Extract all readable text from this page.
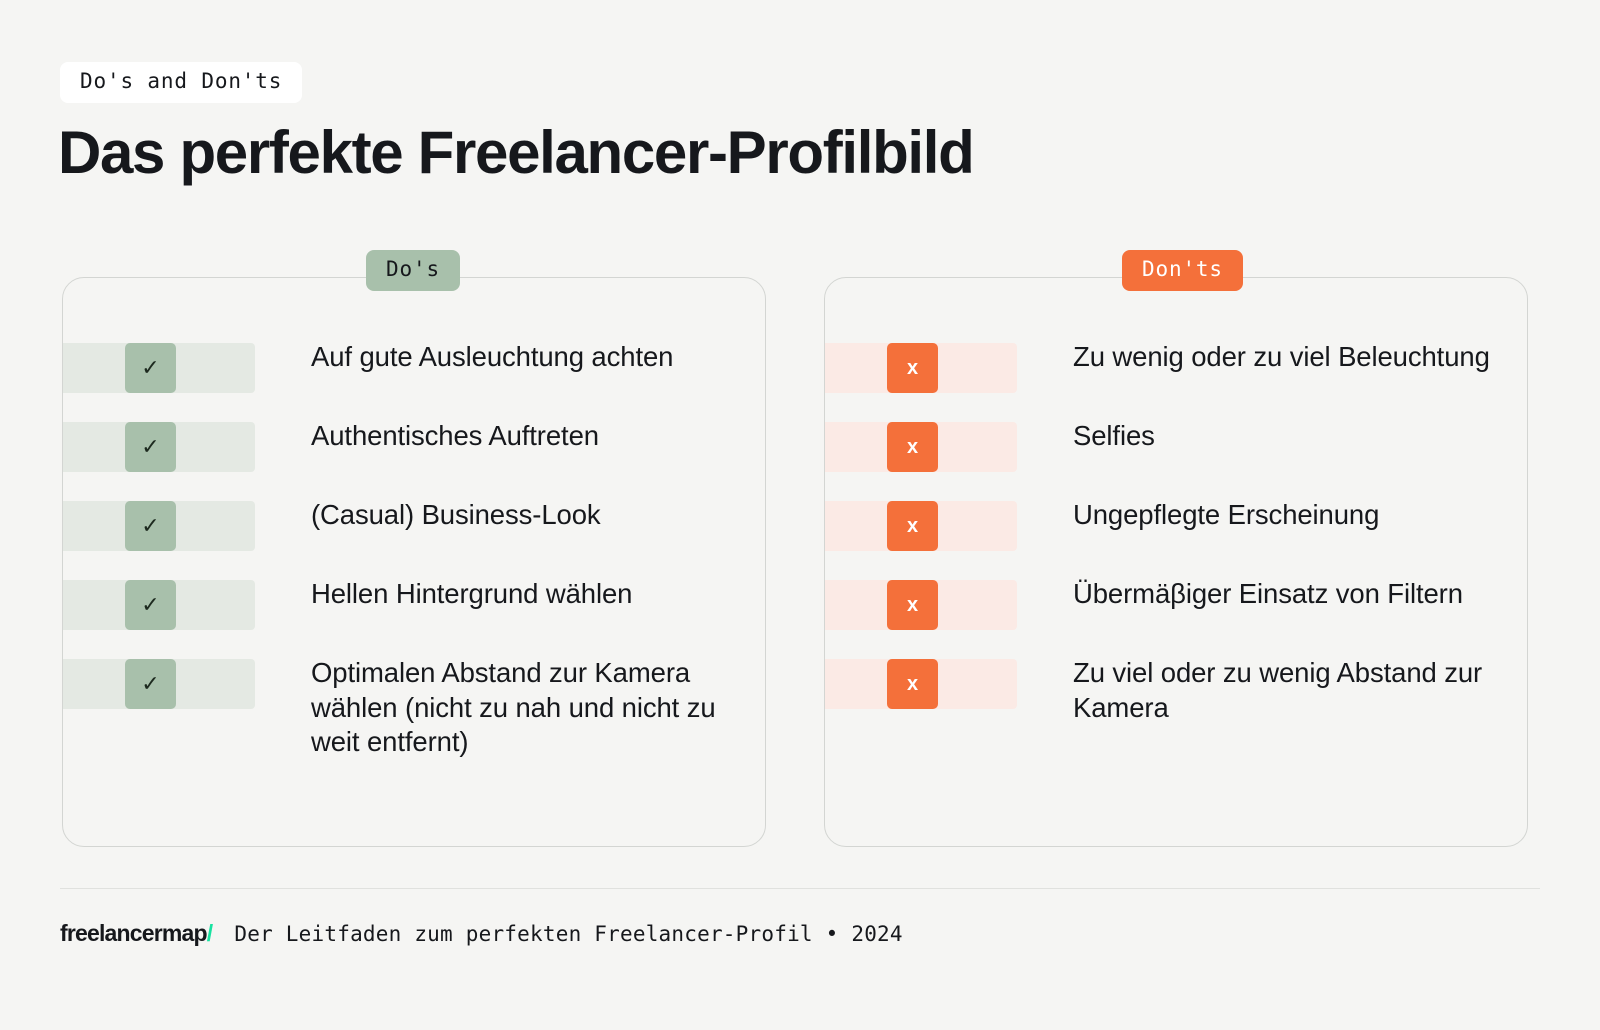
Do's and Don'ts
Das perfekte Freelancer-Profilbild
✓	Auf gute Ausleuchtung achten
✓	Authentisches Auftreten
✓	(Casual) Business-Look
✓	Hellen Hintergrund wählen
✓	Optimalen Abstand zur Kamera wählen (nicht zu nah und nicht zu weit entfernt)
x	Zu wenig oder zu viel Beleuchtung
x	Selfies
x	Ungepflegte Erscheinung
x	Übermäβiger Einsatz von Filtern
x	Zu viel oder zu wenig Abstand zur Kamera
Do's	Don'ts
freelancermap/ Der Leitfaden zum perfekten Freelancer-Profil • 2024
